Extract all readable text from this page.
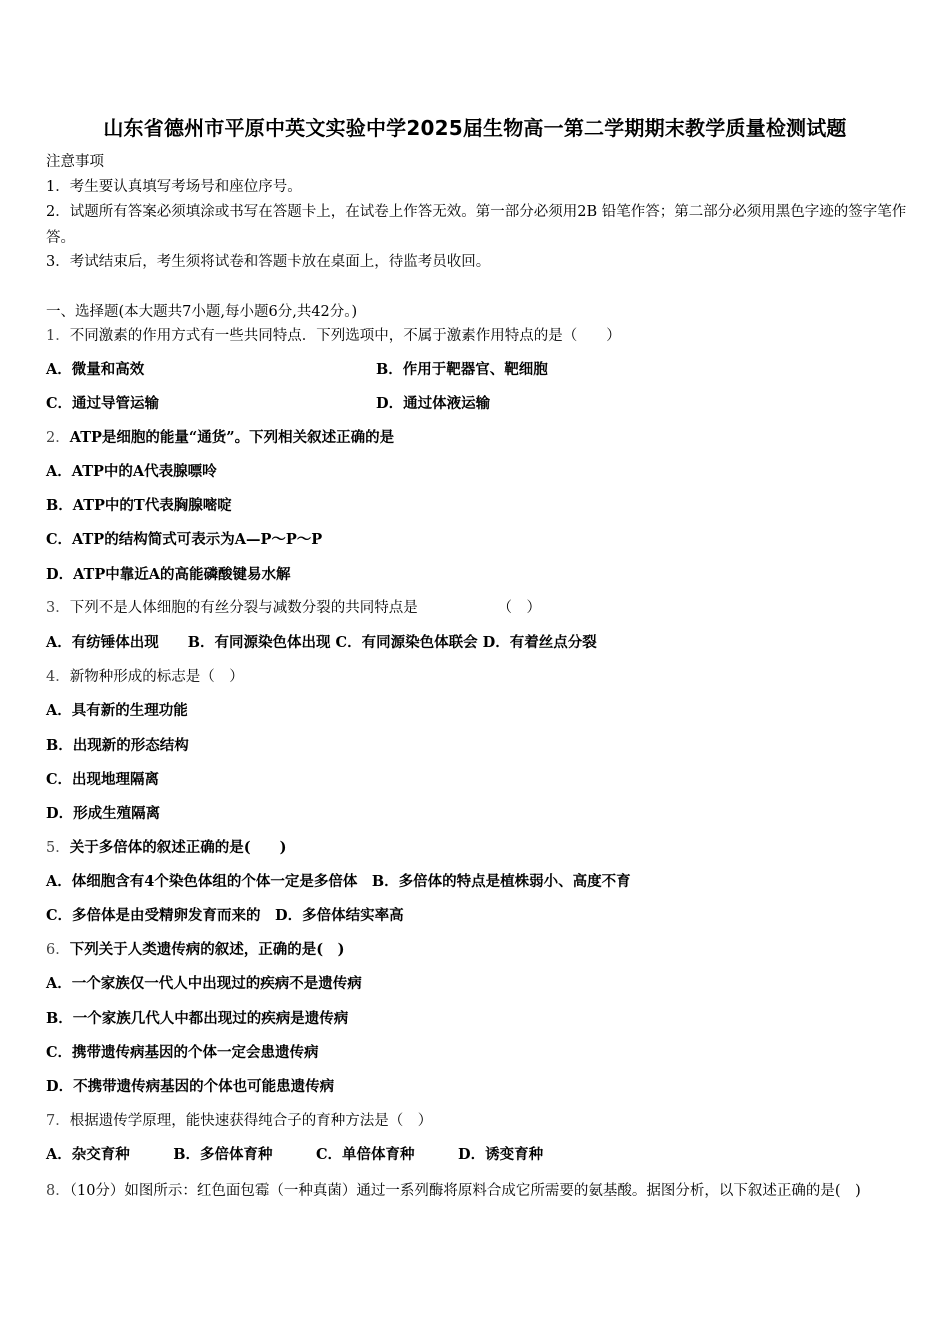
山东省德州市平原中英文实验中学2025届生物高一第二学期期末教学质量检测试题
注意事项
1．考生要认真填写考场号和座位序号。
2．试题所有答案必须填涂或书写在答题卡上，在试卷上作答无效。第一部分必须用2B 铅笔作答；第二部分必须用黑色字迹的签字笔作答。
3．考试结束后，考生须将试卷和答题卡放在桌面上，待监考员收回。
一、选择题(本大题共7小题,每小题6分,共42分。)
1．不同激素的作用方式有一些共同特点．下列选项中，不属于激素作用特点的是（　　）
A．微量和高效	B．作用于靶器官、靶细胞
C．通过导管运输	D．通过体液运输
2．ATP是细胞的能量“通货”。下列相关叙述正确的是
A．ATP中的A代表腺嘌呤
B．ATP中的T代表胸腺嘧啶
C．ATP的结构简式可表示为A—P～P～P
D．ATP中靠近A的高能磷酸键易水解
3．下列不是人体细胞的有丝分裂与减数分裂的共同特点是　　　　　　（　）
A．有纺锤体出现　　B．有同源染色体出现 C．有同源染色体联会 D．有着丝点分裂
4．新物种形成的标志是（　）
A．具有新的生理功能
B．出现新的形态结构
C．出现地理隔离
D．形成生殖隔离
5．关于多倍体的叙述正确的是(　　)
A．体细胞含有4个染色体组的个体一定是多倍体　B．多倍体的特点是植株弱小、高度不育
C．多倍体是由受精卵发育而来的　D．多倍体结实率高
6．下列关于人类遗传病的叙述，正确的是(　)
A．一个家族仅一代人中出现过的疾病不是遗传病
B．一个家族几代人中都出现过的疾病是遗传病
C．携带遗传病基因的个体一定会患遗传病
D．不携带遗传病基因的个体也可能患遗传病
7．根据遗传学原理，能快速获得纯合子的育种方法是（　）
A．杂交育种　　　B．多倍体育种　　　C．单倍体育种　　　D．诱变育种
8．（10分）如图所示：红色面包霉（一种真菌）通过一系列酶将原料合成它所需要的氨基酸。据图分析，以下叙述正确的是(　)
